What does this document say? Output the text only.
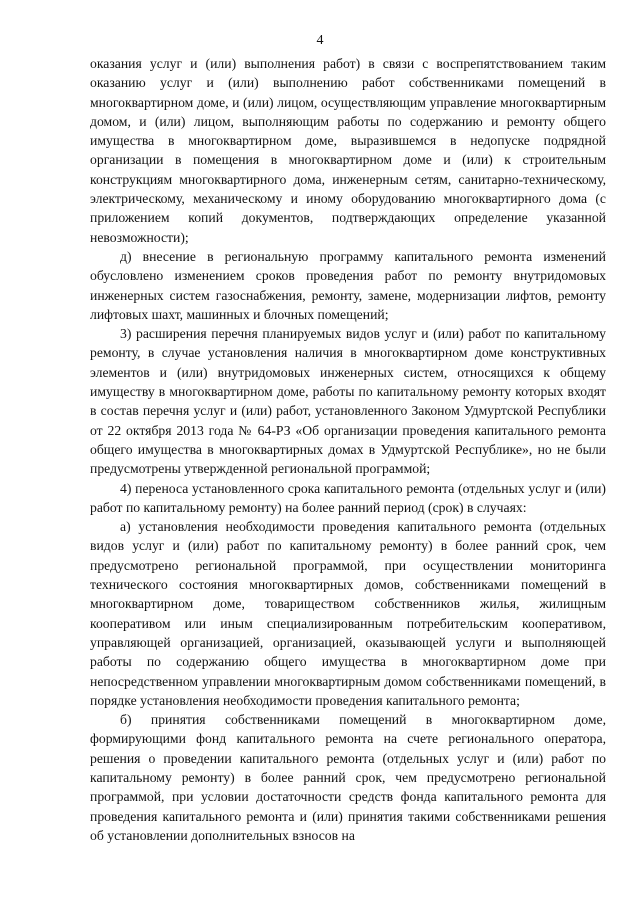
4

оказания услуг и (или) выполнения работ) в связи с воспрепятствованием таким оказанию услуг и (или) выполнению работ собственниками помещений в многоквартирном доме, и (или) лицом, осуществляющим управление многоквартирным домом, и (или) лицом, выполняющим работы по содержанию и ремонту общего имущества в многоквартирном доме, выразившемся в недопуске подрядной организации в помещения в многоквартирном доме и (или) к строительным конструкциям многоквартирного дома, инженерным сетям, санитарно-техническому, электрическому, механическому и иному оборудованию многоквартирного дома (с приложением копий документов, подтверждающих определение указанной невозможности);

д) внесение в региональную программу капитального ремонта изменений обусловлено изменением сроков проведения работ по ремонту внутридомовых инженерных систем газоснабжения, ремонту, замене, модернизации лифтов, ремонту лифтовых шахт, машинных и блочных помещений;

3) расширения перечня планируемых видов услуг и (или) работ по капитальному ремонту, в случае установления наличия в многоквартирном доме конструктивных элементов и (или) внутридомовых инженерных систем, относящихся к общему имуществу в многоквартирном доме, работы по капитальному ремонту которых входят в состав перечня услуг и (или) работ, установленного Законом Удмуртской Республики от 22 октября 2013 года № 64-РЗ «Об организации проведения капитального ремонта общего имущества в многоквартирных домах в Удмуртской Республике», но не были предусмотрены утвержденной региональной программой;

4) переноса установленного срока капитального ремонта (отдельных услуг и (или) работ по капитальному ремонту) на более ранний период (срок) в случаях:

а) установления необходимости проведения капитального ремонта (отдельных видов услуг и (или) работ по капитальному ремонту) в более ранний срок, чем предусмотрено региональной программой, при осуществлении мониторинга технического состояния многоквартирных домов, собственниками помещений в многоквартирном доме, товариществом собственников жилья, жилищным кооперативом или иным специализированным потребительским кооперативом, управляющей организацией, организацией, оказывающей услуги и выполняющей работы по содержанию общего имущества в многоквартирном доме при непосредственном управлении многоквартирным домом собственниками помещений, в порядке установления необходимости проведения капитального ремонта;

б) принятия собственниками помещений в многоквартирном доме, формирующими фонд капитального ремонта на счете регионального оператора, решения о проведении капитального ремонта (отдельных услуг и (или) работ по капитальному ремонту) в более ранний срок, чем предусмотрено региональной программой, при условии достаточности средств фонда капитального ремонта для проведения капитального ремонта и (или) принятия такими собственниками решения об установлении дополнительных взносов на
